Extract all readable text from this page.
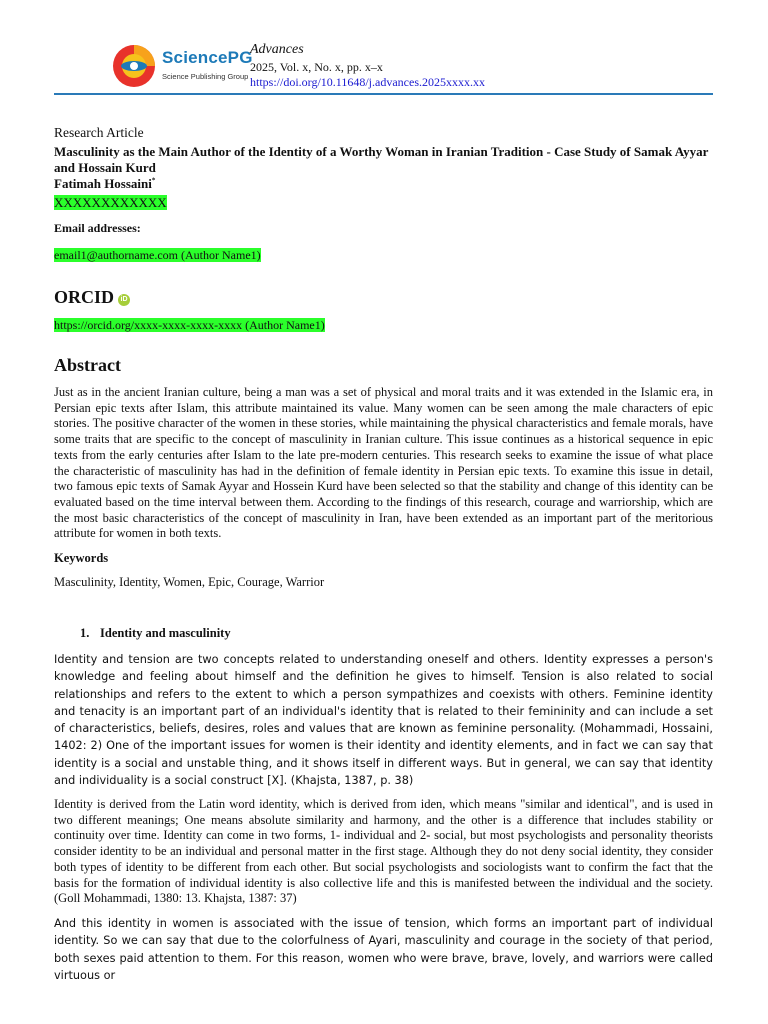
SciencePG
Science Publishing Group
Advances
2025, Vol. x, No. x, pp. x–x
https://doi.org/10.11648/j.advances.2025xxxx.xx
Research Article
Masculinity as the Main Author of the Identity of a Worthy Woman in Iranian Tradition - Case Study of Samak Ayyar and Hossain Kurd
Fatimah Hossaini*
XXXXXXXXXXXX
Email addresses:
email1@authorname.com (Author Name1)
ORCID iD
https://orcid.org/xxxx-xxxx-xxxx-xxxx (Author Name1)
Abstract
Just as in the ancient Iranian culture, being a man was a set of physical and moral traits and it was extended in the Islamic era, in Persian epic texts after Islam, this attribute maintained its value. Many women can be seen among the male characters of epic stories. The positive character of the women in these stories, while maintaining the physical characteristics and female morals, have some traits that are specific to the concept of masculinity in Iranian culture. This issue continues as a historical sequence in epic texts from the early centuries after Islam to the late pre-modern centuries. This research seeks to examine the issue of what place the characteristic of masculinity has had in the definition of female identity in Persian epic texts. To examine this issue in detail, two famous epic texts of Samak Ayyar and Hossein Kurd have been selected so that the stability and change of this identity can be evaluated based on the time interval between them. According to the findings of this research, courage and warriorship, which are the most basic characteristics of the concept of masculinity in Iran, have been extended as an important part of the meritorious attribute for women in both texts.
Keywords
Masculinity, Identity, Women, Epic, Courage, Warrior
1. Identity and masculinity
Identity and tension are two concepts related to understanding oneself and others. Identity expresses a person's knowledge and feeling about himself and the definition he gives to himself. Tension is also related to social relationships and refers to the extent to which a person sympathizes and coexists with others. Feminine identity and tenacity is an important part of an individual's identity that is related to their femininity and can include a set of characteristics, beliefs, desires, roles and values that are known as feminine personality. (Mohammadi, Hossaini, 1402: 2) One of the important issues for women is their identity and identity elements, and in fact we can say that identity is a social and unstable thing, and it shows itself in different ways. But in general, we can say that identity and individuality is a social construct [X]. (Khajsta, 1387, p. 38)
Identity is derived from the Latin word identity, which is derived from iden, which means "similar and identical", and is used in two different meanings; One means absolute similarity and harmony, and the other is a difference that includes stability or continuity over time. Identity can come in two forms, 1- individual and 2- social, but most psychologists and personality theorists consider identity to be an individual and personal matter in the first stage. Although they do not deny social identity, they consider both types of identity to be different from each other. But social psychologists and sociologists want to confirm the fact that the basis for the formation of individual identity is also collective life and this is manifested between the individual and the society. (Goll Mohammadi, 1380: 13. Khajsta, 1387: 37)
And this identity in women is associated with the issue of tension, which forms an important part of individual identity. So we can say that due to the colorfulness of Ayari, masculinity and courage in the society of that period, both sexes paid attention to them. For this reason, women who were brave, brave, lovely, and warriors were called virtuous or
